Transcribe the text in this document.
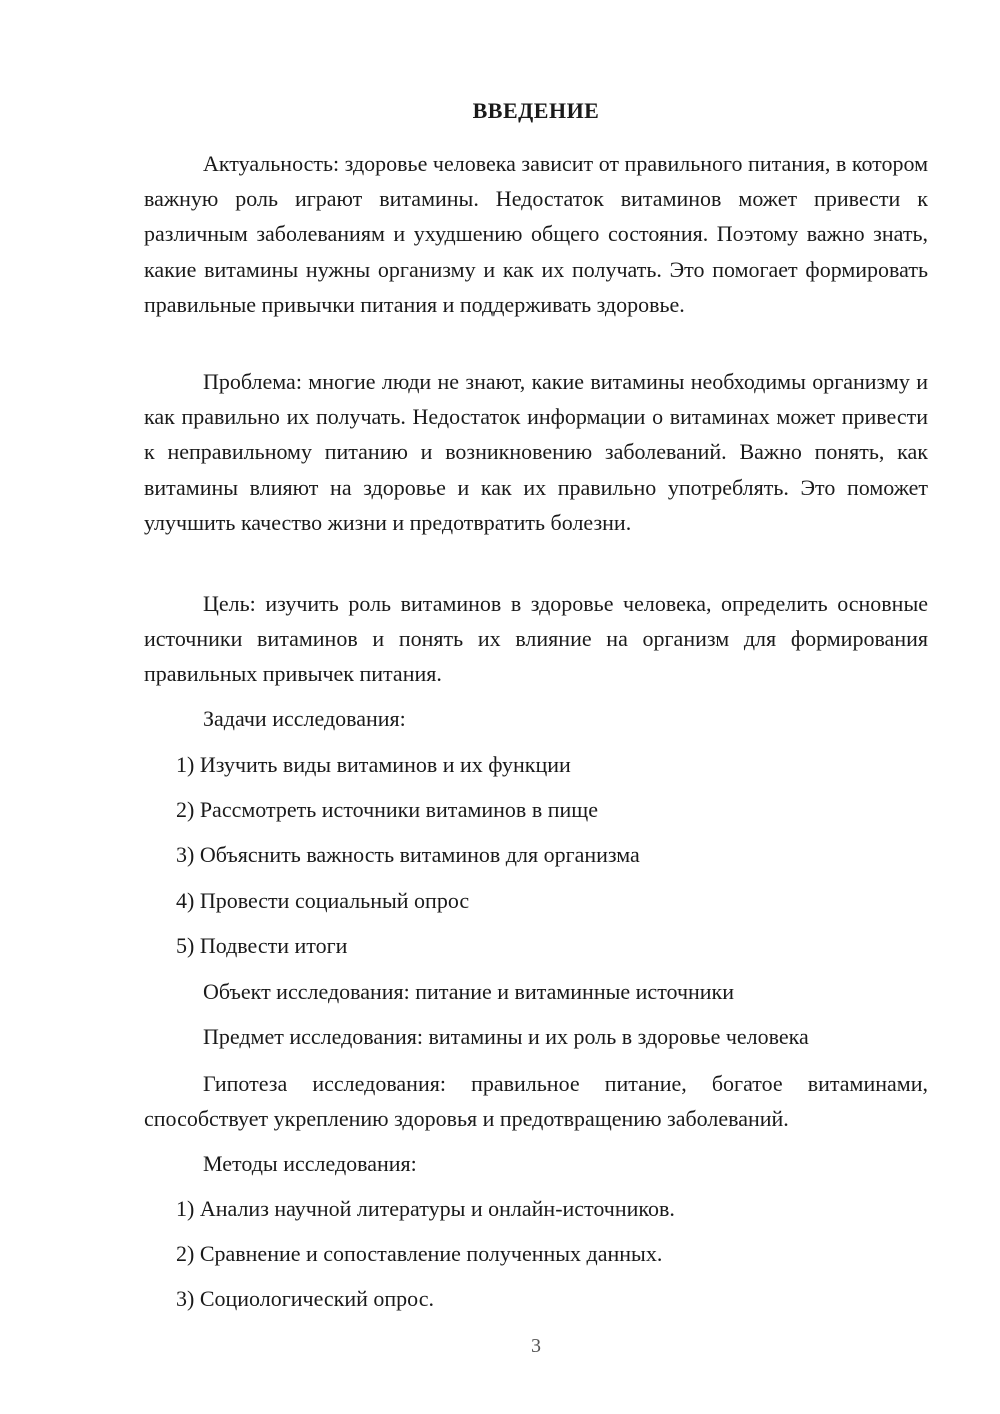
ВВЕДЕНИЕ

Актуальность: здоровье человека зависит от правильного питания, в котором важную роль играют витамины. Недостаток витаминов может привести к различным заболеваниям и ухудшению общего состояния. Поэтому важно знать, какие витамины нужны организму и как их получать. Это помогает формировать правильные привычки питания и поддерживать здоровье.

Проблема: многие люди не знают, какие витамины необходимы организму и как правильно их получать. Недостаток информации о витаминах может привести к неправильному питанию и возникновению заболеваний. Важно понять, как витамины влияют на здоровье и как их правильно употреблять. Это поможет улучшить качество жизни и предотвратить болезни.

Цель: изучить роль витаминов в здоровье человека, определить основные источники витаминов и понять их влияние на организм для формирования правильных привычек питания.

Задачи исследования:
1) Изучить виды витаминов и их функции
2) Рассмотреть источники витаминов в пище
3) Объяснить важность витаминов для организма
4) Провести социальный опрос
5) Подвести итоги
Объект исследования: питание и витаминные источники
Предмет исследования: витамины и их роль в здоровье человека

Гипотеза исследования: правильное питание, богатое витаминами, способствует укреплению здоровья и предотвращению заболеваний.

Методы исследования:
1) Анализ научной литературы и онлайн-источников.
2) Сравнение и сопоставление полученных данных.
3) Социологический опрос.
3
